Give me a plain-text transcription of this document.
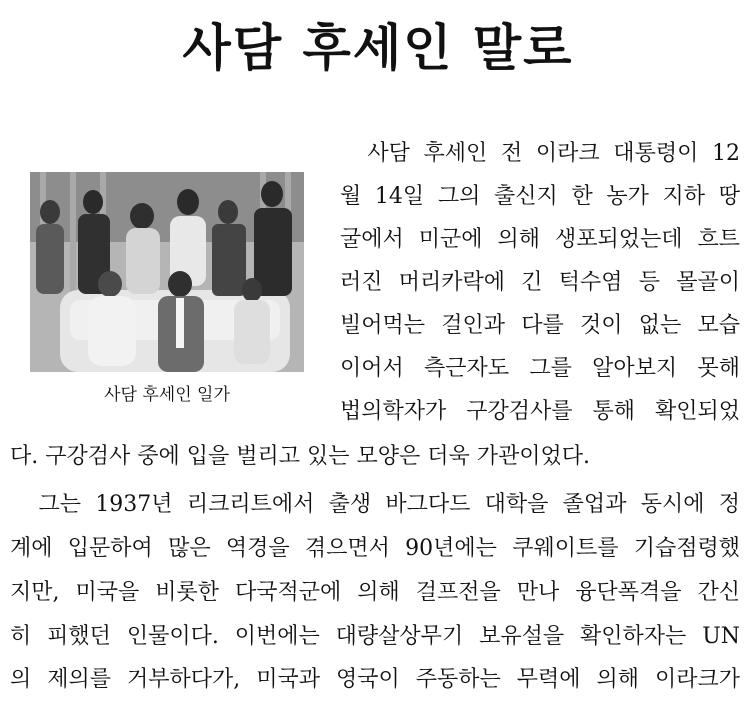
사담 후세인 말로
사담 후세인 일가
사담 후세인 전 이라크 대통령이 12
월 14일 그의 출신지 한 농가 지하 땅
굴에서 미군에 의해 생포되었는데 흐트
러진 머리카락에 긴 턱수염 등 몰골이
빌어먹는 걸인과 다를 것이 없는 모습
이어서 측근자도 그를 알아보지 못해
법의학자가 구강검사를 통해 확인되었
다. 구강검사 중에 입을 벌리고 있는 모양은 더욱 가관이었다.
그는 1937년 리크리트에서 출생 바그다드 대학을 졸업과 동시에 정
계에 입문하여 많은 역경을 겪으면서 90년에는 쿠웨이트를 기습점령했
지만, 미국을 비롯한 다국적군에 의해 걸프전을 만나 융단폭격을 간신
히 피했던 인물이다. 이번에는 대량살상무기 보유설을 확인하자는 UN
의 제의를 거부하다가, 미국과 영국이 주동하는 무력에 의해 이라크가
